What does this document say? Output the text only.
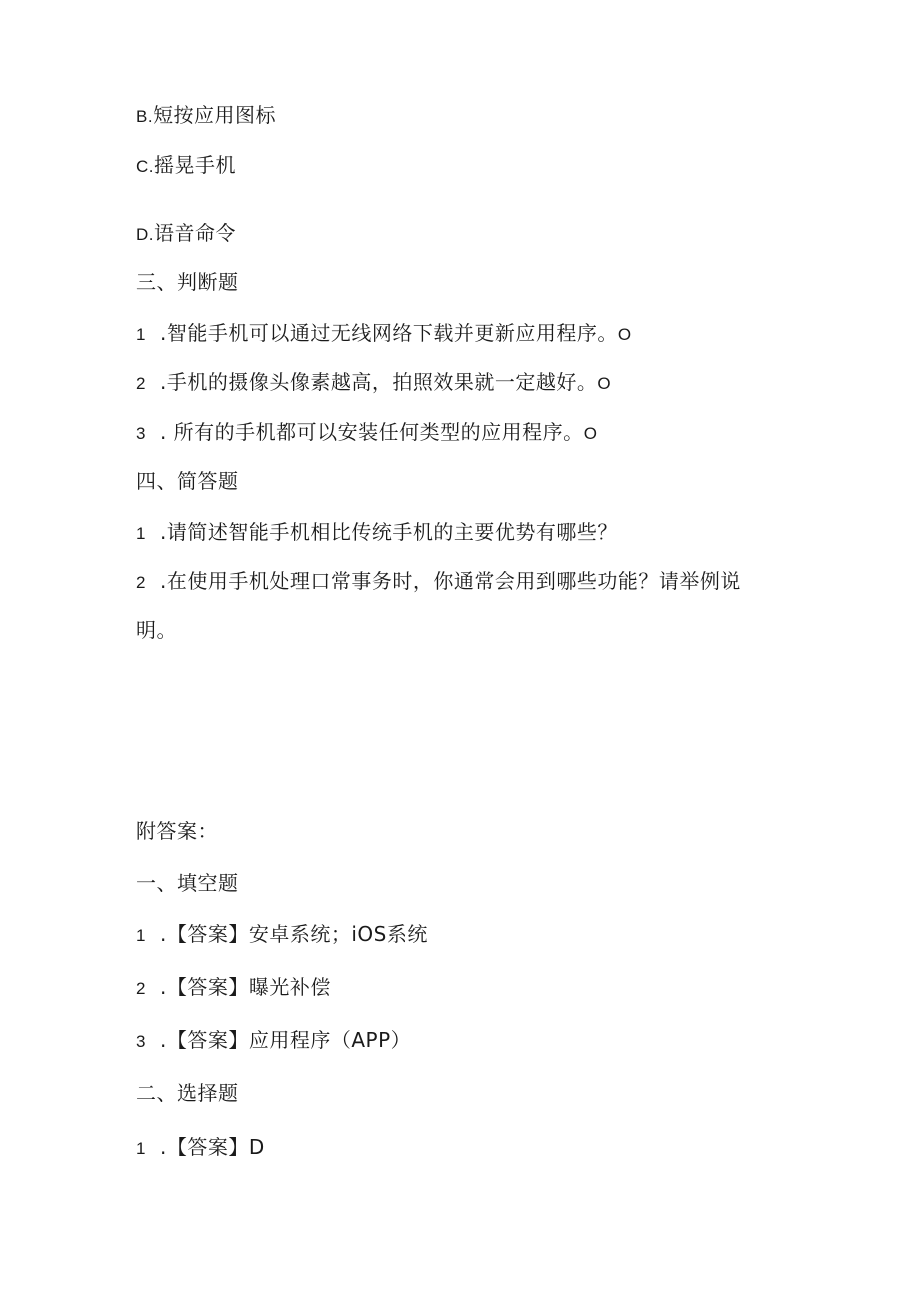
B.短按应用图标
C.摇晃手机
D.语音命令
三、判断题
1 .智能手机可以通过无线网络下载并更新应用程序。O
2 .手机的摄像头像素越高，拍照效果就一定越好。O
3 . 所有的手机都可以安装任何类型的应用程序。O
四、简答题
1 .请简述智能手机相比传统手机的主要优势有哪些？
2 .在使用手机处理口常事务时，你通常会用到哪些功能？请举例说
明。
附答案：
一、填空题
1 .【答案】安卓系统；iOS系统
2 .【答案】曝光补偿
3 .【答案】应用程序（APP）
二、选择题
1 .【答案】D
